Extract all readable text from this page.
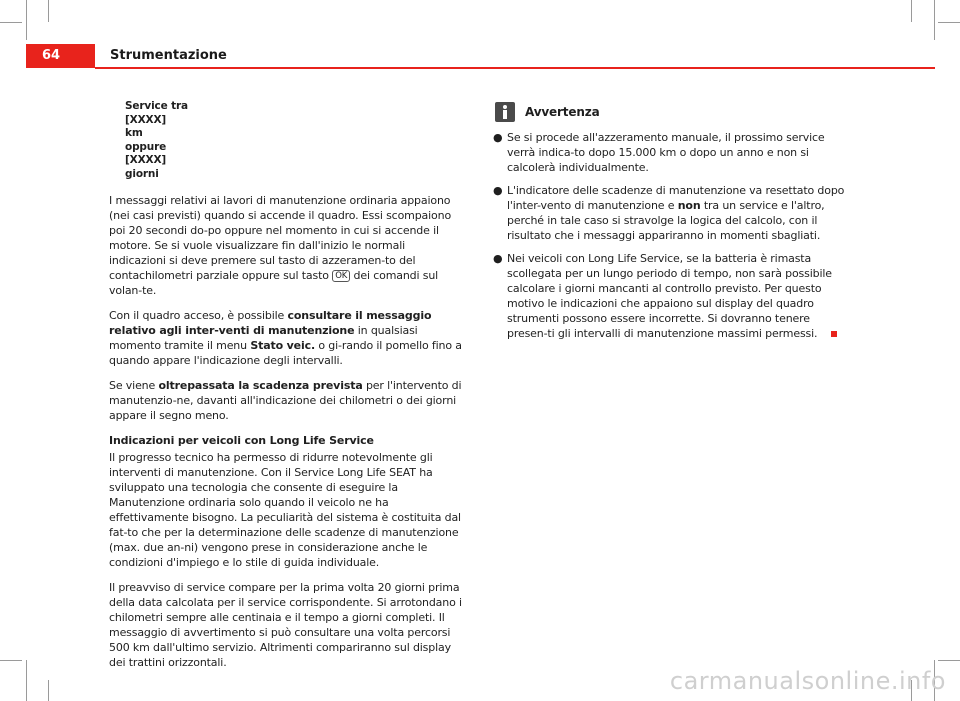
64	Strumentazione
Service tra
[XXXX]
km
oppure
[XXXX]
giorni

I messaggi relativi ai lavori di manutenzione ordinaria appaiono (nei casi previsti) quando si accende il quadro. Essi scompaiono poi 20 secondi do-po oppure nel momento in cui si accende il motore. Se si vuole visualizzare fin dall'inizio le normali indicazioni si deve premere sul tasto di azzeramen-to del contachilometri parziale oppure sul tasto OK dei comandi sul volan-te.

Con il quadro acceso, è possibile consultare il messaggio relativo agli inter-venti di manutenzione in qualsiasi momento tramite il menu Stato veic. o gi-rando il pomello fino a quando appare l'indicazione degli intervalli.

Se viene oltrepassata la scadenza prevista per l'intervento di manutenzio-ne, davanti all'indicazione dei chilometri o dei giorni appare il segno meno.

Indicazioni per veicoli con Long Life Service

Il progresso tecnico ha permesso di ridurre notevolmente gli interventi di manutenzione. Con il Service Long Life SEAT ha sviluppato una tecnologia che consente di eseguire la Manutenzione ordinaria solo quando il veicolo ne ha effettivamente bisogno. La peculiarità del sistema è costituita dal fat-to che per la determinazione delle scadenze di manutenzione (max. due an-ni) vengono prese in considerazione anche le condizioni d'impiego e lo stile di guida individuale.

Il preavviso di service compare per la prima volta 20 giorni prima della data calcolata per il service corrispondente. Si arrotondano i chilometri sempre alle centinaia e il tempo a giorni completi. Il messaggio di avvertimento si può consultare una volta percorsi 500 km dall'ultimo servizio. Altrimenti compariranno sul display dei trattini orizzontali.

Avvertenza
● Se si procede all'azzeramento manuale, il prossimo service verrà indica-to dopo 15.000 km o dopo un anno e non si calcolerà individualmente.
● L'indicatore delle scadenze di manutenzione va resettato dopo l'inter-vento di manutenzione e non tra un service e l'altro, perché in tale caso si stravolge la logica del calcolo, con il risultato che i messaggi appariranno in momenti sbagliati.
● Nei veicoli con Long Life Service, se la batteria è rimasta scollegata per un lungo periodo di tempo, non sarà possibile calcolare i giorni mancanti al controllo previsto. Per questo motivo le indicazioni che appaiono sul display del quadro strumenti possono essere incorrette. Si dovranno tenere presen-ti gli intervalli di manutenzione massimi permessi.
carmanualsonline.info
